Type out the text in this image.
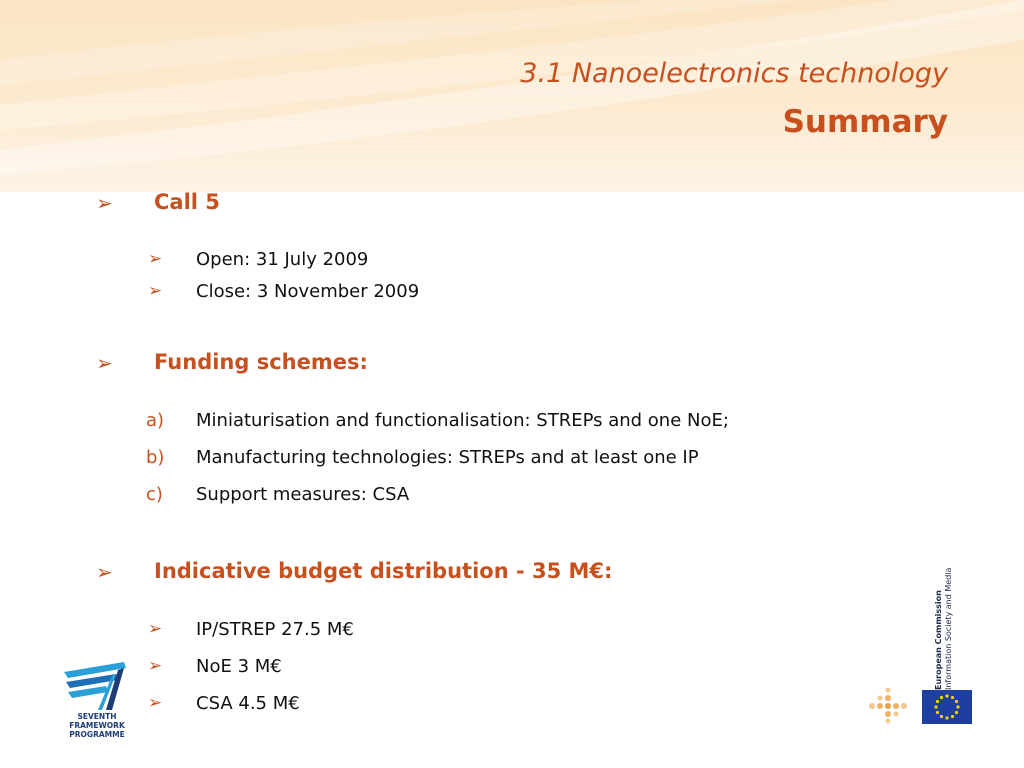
3.1 Nanoelectronics technology
Summary
➢ Call 5
➢ Open: 31 July 2009
➢ Close: 3 November 2009
➢ Funding schemes:
a) Miniaturisation and functionalisation: STREPs and one NoE;
b) Manufacturing technologies: STREPs and at least one IP
c) Support measures: CSA
➢ Indicative budget distribution - 35 M€:
➢ IP/STREP 27.5 M€
➢ NoE 3 M€
➢ CSA 4.5 M€
SEVENTH FRAMEWORK
PROGRAMME
European Commission Information Society and Media
